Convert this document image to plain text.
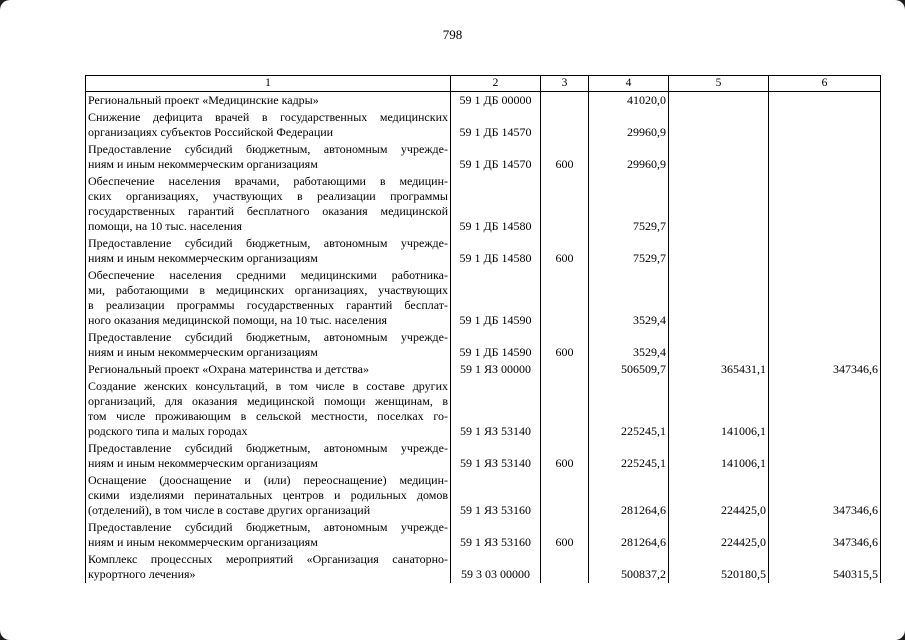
798
1	2	3	4	5	6

Региональный проект «Медицинские кадры»	59 1 ДБ 00000		41020,0		

Снижение дефицита врачей в государственных медицинских
организациях субъектов Российской Федерации	59 1 ДБ 14570		29960,9		

Предоставление субсидий бюджетным, автономным учрежде-
ниям и иным некоммерческим организациям	59 1 ДБ 14570	600	29960,9		

Обеспечение населения врачами, работающими в медицин-
ских организациях, участвующих в реализации программы
государственных гарантий бесплатного оказания медицинской
помощи, на 10 тыс. населения	59 1 ДБ 14580		7529,7		

Предоставление субсидий бюджетным, автономным учрежде-
ниям и иным некоммерческим организациям	59 1 ДБ 14580	600	7529,7		

Обеспечение населения средними медицинскими работника-
ми, работающими в медицинских организациях, участвующих
в реализации программы государственных гарантий бесплат-
ного оказания медицинской помощи, на 10 тыс. населения	59 1 ДБ 14590		3529,4		

Предоставление субсидий бюджетным, автономным учрежде-
ниям и иным некоммерческим организациям	59 1 ДБ 14590	600	3529,4		

Региональный проект «Охрана материнства и детства»	59 1 ЯЗ 00000		506509,7	365431,1	347346,6

Создание женских консультаций, в том числе в составе других
организаций, для оказания медицинской помощи женщинам, в
том числе проживающим в сельской местности, поселках го-
родского типа и малых городах	59 1 ЯЗ 53140		225245,1	141006,1	

Предоставление субсидий бюджетным, автономным учрежде-
ниям и иным некоммерческим организациям	59 1 ЯЗ 53140	600	225245,1	141006,1	

Оснащение (дооснащение и (или) переоснащение) медицин-
скими изделиями перинатальных центров и родильных домов
(отделений), в том числе в составе других организаций	59 1 ЯЗ 53160		281264,6	224425,0	347346,6

Предоставление субсидий бюджетным, автономным учрежде-
ниям и иным некоммерческим организациям	59 1 ЯЗ 53160	600	281264,6	224425,0	347346,6

Комплекс процессных мероприятий «Организация санаторно-
курортного лечения»	59 3 03 00000		500837,2	520180,5	540315,5
